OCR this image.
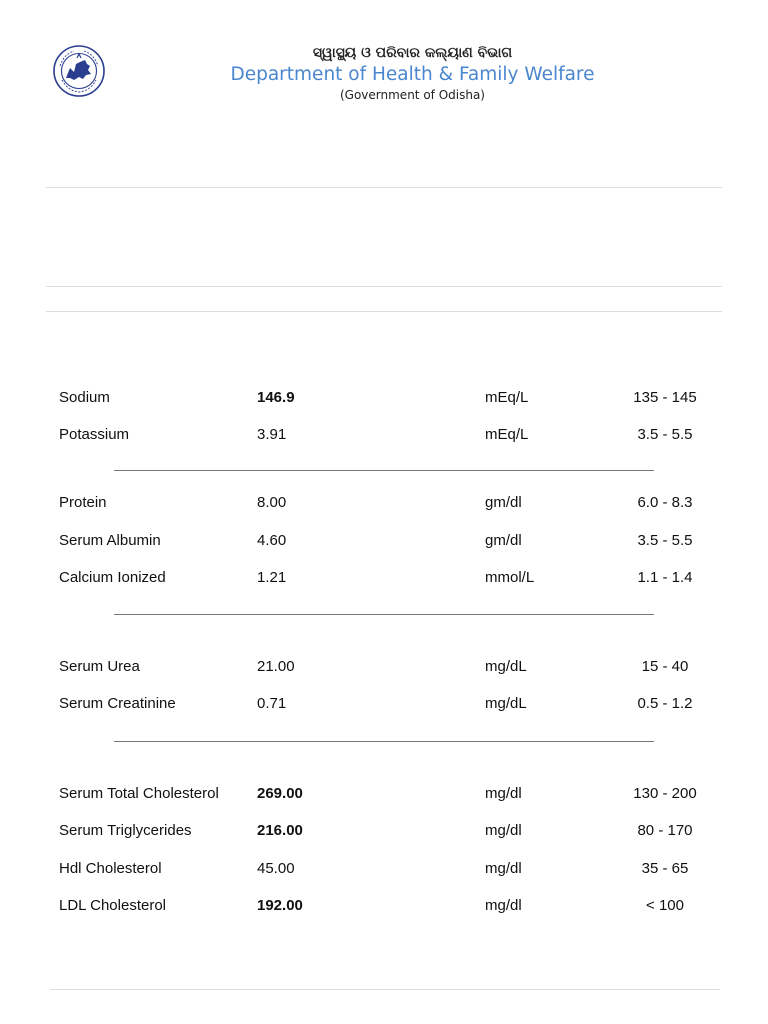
ସ୍ୱାସ୍ଥ୍ୟ ଓ ପରିବାର କଲ୍ୟାଣ ବିଭାଗ
Department of Health & Family Welfare
(Government of Odisha)
Sodium	146.9	mEq/L	135 - 145
Potassium	3.91	mEq/L	3.5 - 5.5
Protein	8.00	gm/dl	6.0 - 8.3
Serum Albumin	4.60	gm/dl	3.5 - 5.5
Calcium Ionized	1.21	mmol/L	1.1 - 1.4
Serum Urea	21.00	mg/dL	15 - 40
Serum Creatinine	0.71	mg/dL	0.5 - 1.2
Serum Total Cholesterol	269.00	mg/dl	130 - 200
Serum Triglycerides	216.00	mg/dl	80 - 170
Hdl Cholesterol	45.00	mg/dl	35 - 65
LDL Cholesterol	192.00	mg/dl	< 100
